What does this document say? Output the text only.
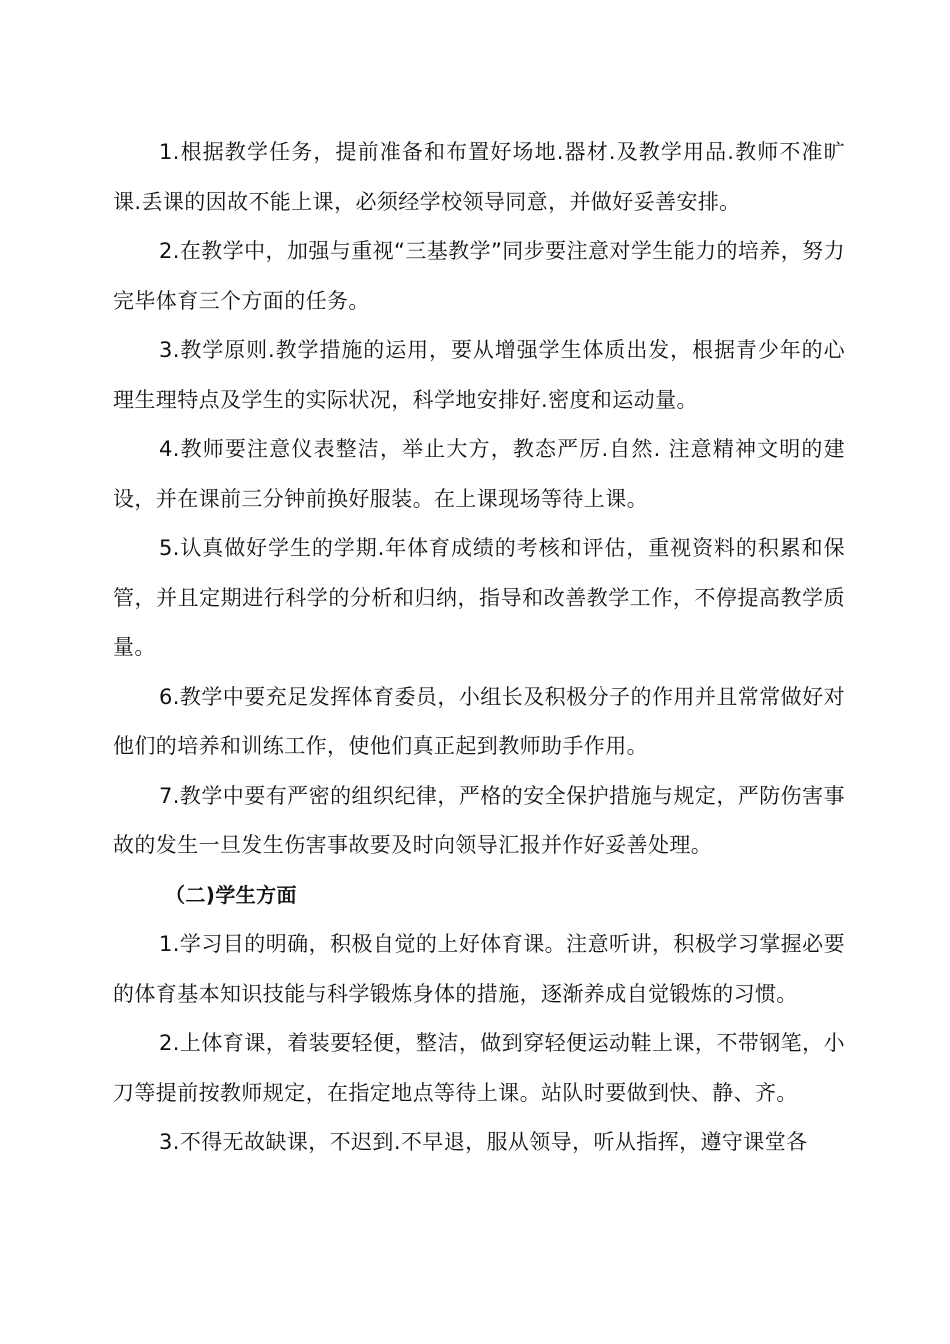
1.根据教学任务，提前准备和布置好场地.器材.及教学用品.教师不准旷课.丢课的因故不能上课，必须经学校领导同意，并做好妥善安排。

2.在教学中，加强与重视“三基教学”同步要注意对学生能力的培养，努力完毕体育三个方面的任务。

3.教学原则.教学措施的运用，要从增强学生体质出发，根据青少年的心理生理特点及学生的实际状况，科学地安排好.密度和运动量。

4.教师要注意仪表整洁，举止大方，教态严厉.自然. 注意精神文明的建设，并在课前三分钟前换好服装。在上课现场等待上课。

5.认真做好学生的学期.年体育成绩的考核和评估，重视资料的积累和保管，并且定期进行科学的分析和归纳，指导和改善教学工作，不停提高教学质量。

6.教学中要充足发挥体育委员，小组长及积极分子的作用并且常常做好对他们的培养和训练工作，使他们真正起到教师助手作用。

7.教学中要有严密的组织纪律，严格的安全保护措施与规定，严防伤害事故的发生一旦发生伤害事故要及时向领导汇报并作好妥善处理。

（二)学生方面

1.学习目的明确，积极自觉的上好体育课。注意听讲，积极学习掌握必要的体育基本知识技能与科学锻炼身体的措施，逐渐养成自觉锻炼的习惯。

2.上体育课，着装要轻便，整洁，做到穿轻便运动鞋上课，不带钢笔，小刀等提前按教师规定，在指定地点等待上课。站队时要做到快、静、齐。

3.不得无故缺课，不迟到.不早退，服从领导，听从指挥，遵守课堂各
